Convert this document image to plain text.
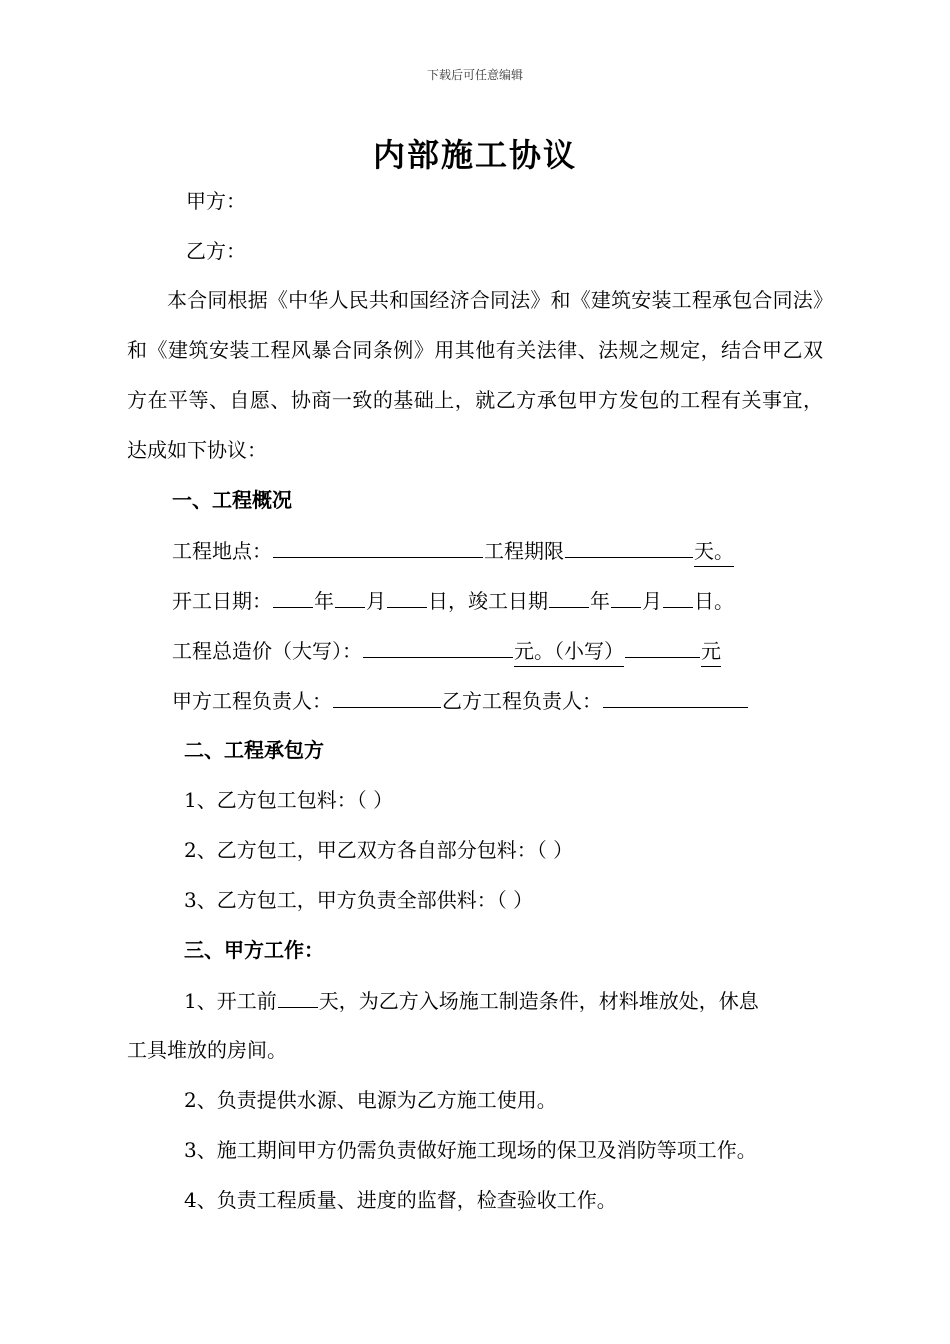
下载后可任意编辑
内部施工协议
甲方：
乙方：
本合同根据《中华人民共和国经济合同法》和《建筑安装工程承包合同法》和《建筑安装工程风暴合同条例》用其他有关法律、法规之规定，结合甲乙双方在平等、自愿、协商一致的基础上，就乙方承包甲方发包的工程有关事宜，达成如下协议：
一、工程概况
工程地点：	工程期限	天。
开工日期： 年 月 日，竣工日期 年 月 日。
工程总造价（大写）：	元。（小写）	元
甲方工程负责人：	乙方工程负责人：
二、工程承包方
1、乙方包工包料：（ ）
2、乙方包工，甲乙双方各自部分包料：（ ）
3、乙方包工，甲方负责全部供料：（ ）
三、甲方工作：
1、开工前 天，为乙方入场施工制造条件，材料堆放处，休息
工具堆放的房间。
2、负责提供水源、电源为乙方施工使用。
3、施工期间甲方仍需负责做好施工现场的保卫及消防等项工作。
4、负责工程质量、进度的监督，检查验收工作。
